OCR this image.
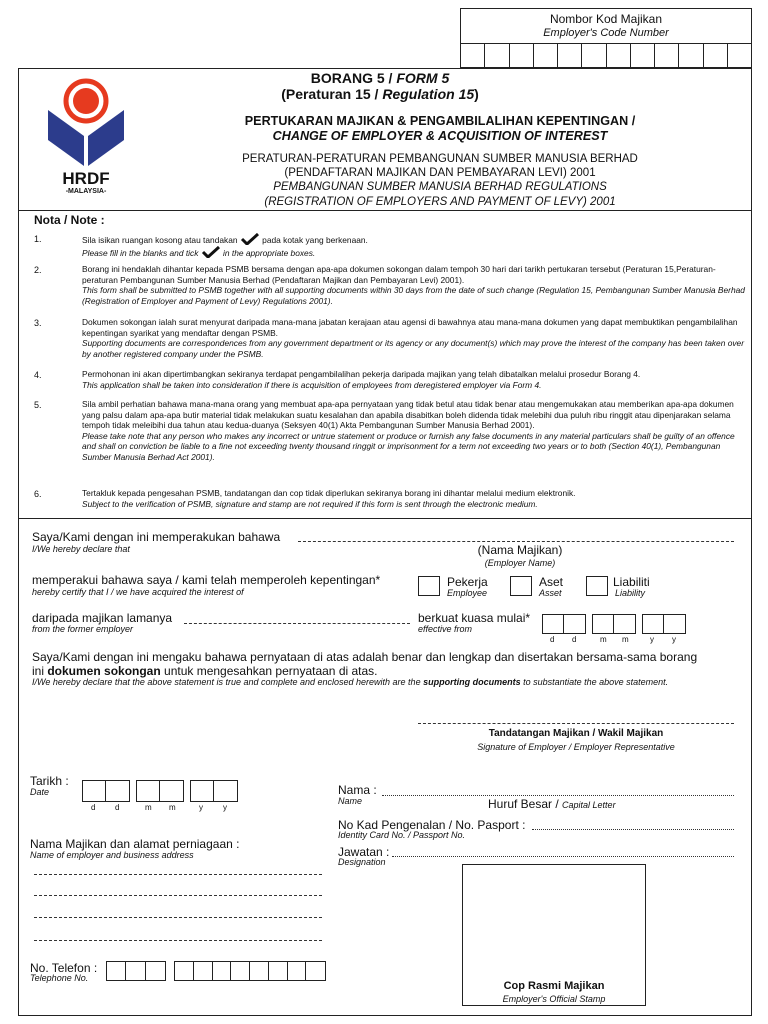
Nombor Kod Majikan
Employer's Code Number
HRDF
-MALAYSIA-
BORANG 5 / FORM 5
(Peraturan 15 / Regulation 15)
PERTUKARAN MAJIKAN & PENGAMBILALIHAN KEPENTINGAN /
CHANGE OF EMPLOYER & ACQUISITION OF INTEREST
PERATURAN-PERATURAN PEMBANGUNAN SUMBER MANUSIA BERHAD
(PENDAFTARAN MAJIKAN DAN PEMBAYARAN LEVI) 2001
PEMBANGUNAN SUMBER MANUSIA BERHAD REGULATIONS
(REGISTRATION OF EMPLOYERS AND PAYMENT OF LEVY) 2001
Nota / Note :
1.	Sila isikan ruangan kosong atau tandakan	pada kotak yang berkenaan.
Please fill in the blanks and tick	in the appropriate boxes.
2.	Borang ini hendaklah dihantar kepada PSMB bersama dengan apa-apa dokumen sokongan dalam tempoh 30 hari dari tarikh pertukaran tersebut (Peraturan 15,Peraturan-peraturan Pembangunan Sumber Manusia Berhad (Pendaftaran Majikan dan Pembayaran Levi) 2001).
This form shall be submitted to PSMB together with all supporting documents within 30 days from the date of such change (Regulation 15, Pembangunan Sumber Manusia Berhad (Registration of Employer and Payment of Levy) Regulations 2001).
3.	Dokumen sokongan ialah surat menyurat daripada mana-mana jabatan kerajaan atau agensi di bawahnya atau mana-mana dokumen yang dapat membuktikan pengambilalihan kepentingan syarikat yang mendaftar dengan PSMB.
Supporting documents are correspondences from any government department or its agency or any document(s) which may prove the interest of the company has been taken over by another registered company under the PSMB.
4.	Permohonan ini akan dipertimbangkan sekiranya terdapat pengambilalihan pekerja daripada majikan yang telah dibatalkan melalui prosedur Borang 4.
This application shall be taken into consideration if there is acquisition of employees from deregistered employer via Form 4.
5.	Sila ambil perhatian bahawa mana-mana orang yang membuat apa-apa pernyataan yang tidak betul atau tidak benar atau mengemukakan atau memberikan apa-apa dokumen yang palsu dalam apa-apa butir material tidak melakukan suatu kesalahan dan apabila disabitkan boleh didenda tidak melebihi dua puluh ribu ringgit atau dipenjarakan selama tempoh tidak meleibihi dua tahun atau kedua-duanya (Seksyen 40(1) Akta Pembangunan Sumber Manusia Berhad 2001).
Please take note that any person who makes any incorrect or untrue statement or produce or furnish any false documents in any material particulars shall be guilty of an offence and shall on conviction be liable to a fine not exceeding twenty thousand ringgit or imprisonment for a term not exceeding two years or to both (Section 40(1), Pembangunan Sumber Manusia Berhad Act 2001).
6.	Tertakluk kepada pengesahan PSMB, tandatangan dan cop tidak diperlukan sekiranya borang ini dihantar melalui medium elektronik.
Subject to the verification of PSMB, signature and stamp are not required if this form is sent through the electronic medium.
Saya/Kami dengan ini memperakukan bahawa
I/We hereby declare that	(Nama Majikan)
(Employer Name)
memperakui bahawa saya / kami telah memperoleh kepentingan*
hereby certify that I / we have acquired the interest of
Pekerja
Employee
Aset
Asset
Liabiliti
Liability
daripada majikan lamanya
from the former employer
berkuat kuasa mulai*
effective from
d d	m m	y y
Saya/Kami dengan ini mengaku bahawa pernyataan di atas adalah benar dan lengkap dan disertakan bersama-sama borang
ini dokumen sokongan untuk mengesahkan pernyataan di atas.
I/We hereby declare that the above statement is true and complete and enclosed herewith are the supporting documents to substantiate the above statement.
Tandatangan Majikan / Wakil Majikan
Signature of Employer / Employer Representative
Tarikh :
Date
d d	m m	y	y
Nama Majikan dan alamat perniagaan :
Name of employer and business address
No. Telefon :
Telephone No.
Nama :
Name	Huruf Besar / Capital Letter
No Kad Pengenalan / No. Pasport :
Identity Card No. / Passport No.
Jawatan :
Designation
Cop Rasmi Majikan
Employer's Official Stamp
